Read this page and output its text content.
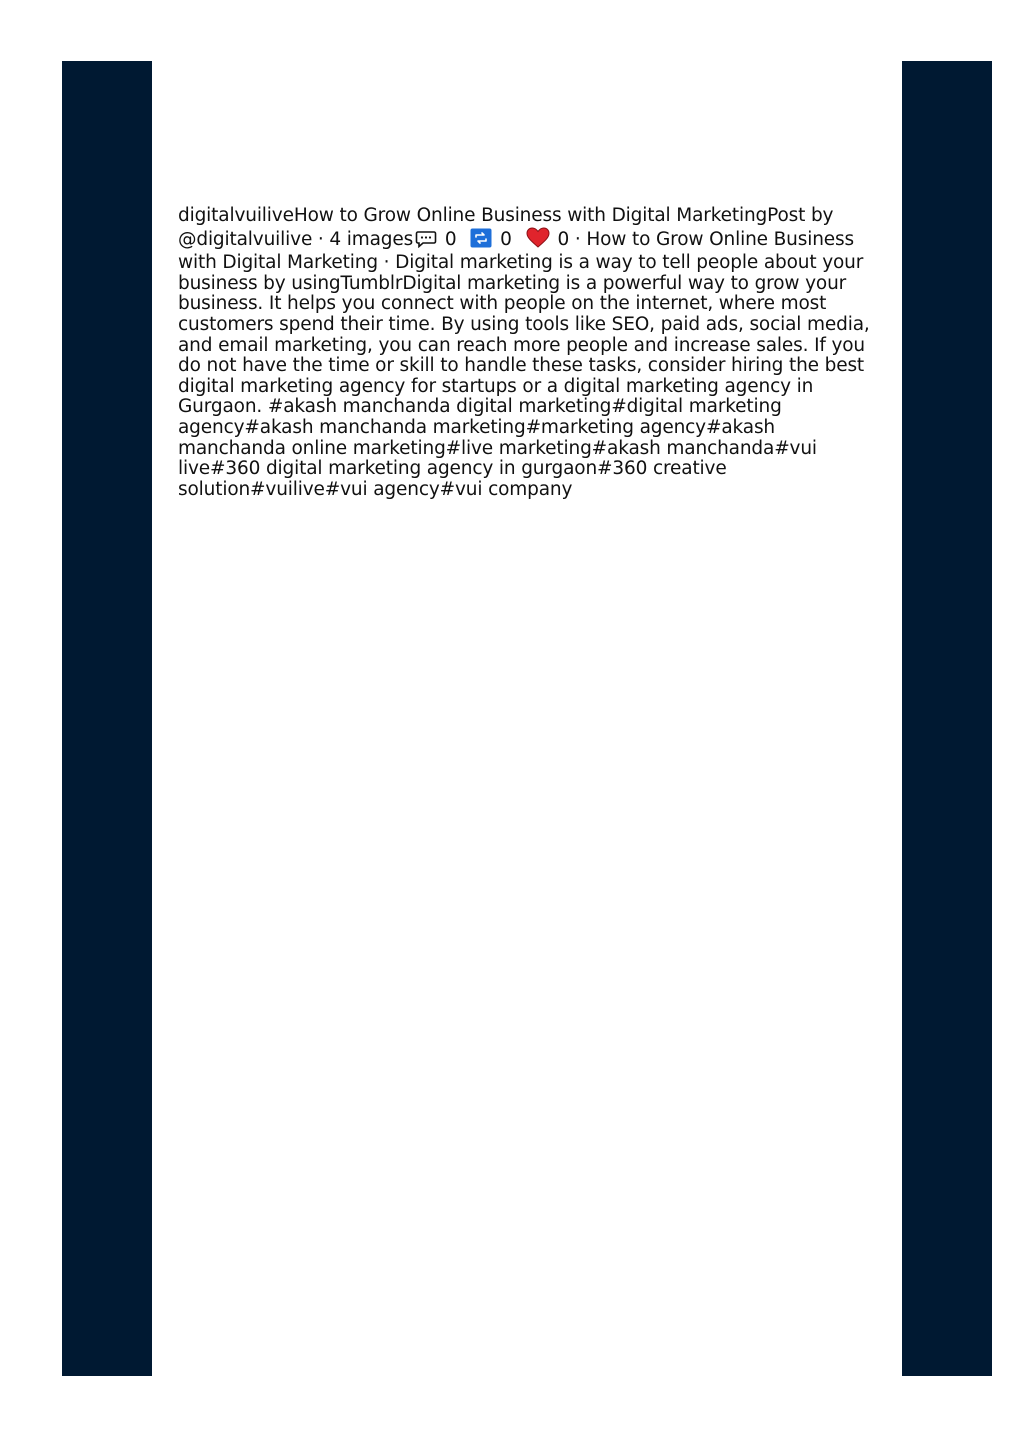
digitalvuiliveHow to Grow Online Business with Digital MarketingPost by @digitalvuilive · 4 images 0 0 0 · How to Grow Online Business with Digital Marketing · Digital marketing is a way to tell people about your business by usingTumblrDigital marketing is a powerful way to grow your business. It helps you connect with people on the internet, where most customers spend their time. By using tools like SEO, paid ads, social media, and email marketing, you can reach more people and increase sales. If you do not have the time or skill to handle these tasks, consider hiring the best digital marketing agency for startups or a digital marketing agency in Gurgaon. #akash manchanda digital marketing#digital marketing agency#akash manchanda marketing#marketing agency#akash manchanda online marketing#live marketing#akash manchanda#vui live#360 digital marketing agency in gurgaon#360 creative solution#vuilive#vui agency#vui company
